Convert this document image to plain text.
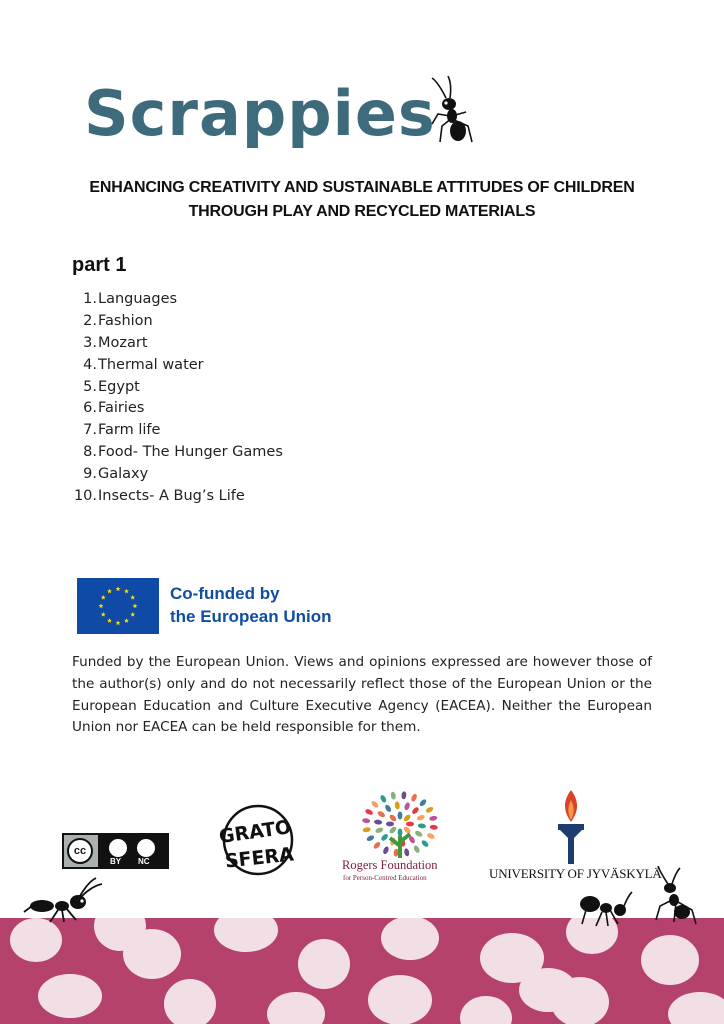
Scrappies
ENHANCING CREATIVITY AND SUSTAINABLE ATTITUDES OF CHILDREN
THROUGH PLAY AND RECYCLED MATERIALS
part 1
1. Languages
2. Fashion
3. Mozart
4. Thermal water
5. Egypt
6. Fairies
7. Farm life
8. Food- The Hunger Games
9. Galaxy
10. Insects- A Bug’s Life
Co-funded by
the European Union

Funded by the European Union. Views and opinions expressed are however those of the author(s) only and do not necessarily reflect those of the European Union or the European Education and Culture Executive Agency (EACEA). Neither the European Union nor EACEA can be held responsible for them.

cc
BY NC
GRATO
SFERA	Rogers Foundation
for Person-Centred Education	UNIVERSITY OF JYVÄSKYLÄ
